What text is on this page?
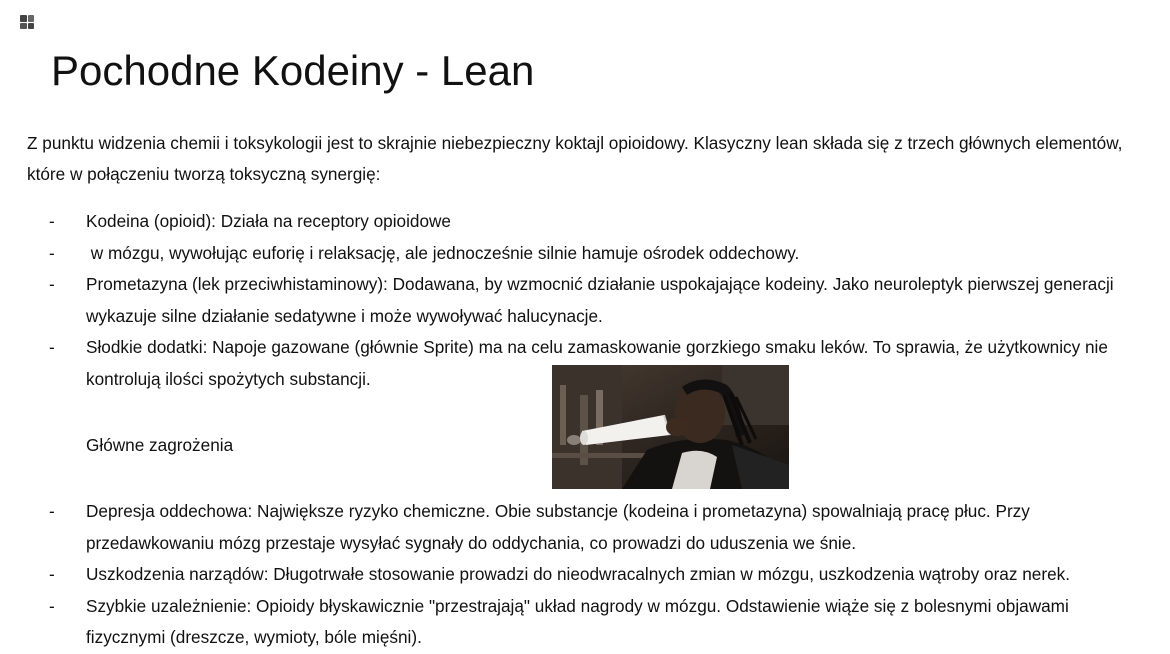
Pochodne Kodeiny - Lean

Z punktu widzenia chemii i toksykologii jest to skrajnie niebezpieczny koktajl opioidowy. Klasyczny lean składa się z trzech głównych elementów, które w połączeniu tworzą toksyczną synergię:

- Kodeina (opioid): Działa na receptory opioidowe
- w mózgu, wywołując euforię i relaksację, ale jednocześnie silnie hamuje ośrodek oddechowy.
- Prometazyna (lek przeciwhistaminowy): Dodawana, by wzmocnić działanie uspokajające kodeiny. Jako neuroleptyk pierwszej generacji wykazuje silne działanie sedatywne i może wywoływać halucynacje.
- Słodkie dodatki: Napoje gazowane (głównie Sprite) ma na celu zamaskowanie gorzkiego smaku leków. To sprawia, że użytkownicy nie kontrolują ilości spożytych substancji.
Główne zagrożenia
- Depresja oddechowa: Największe ryzyko chemiczne. Obie substancje (kodeina i prometazyna) spowalniają pracę płuc. Przy przedawkowaniu mózg przestaje wysyłać sygnały do oddychania, co prowadzi do uduszenia we śnie.
- Uszkodzenia narządów: Długotrwałe stosowanie prowadzi do nieodwracalnych zmian w mózgu, uszkodzenia wątroby oraz nerek.
- Szybkie uzależnienie: Opioidy błyskawicznie "przestrajają" układ nagrody w mózgu. Odstawienie wiąże się z bolesnymi objawami fizycznymi (dreszcze, wymioty, bóle mięśni).
